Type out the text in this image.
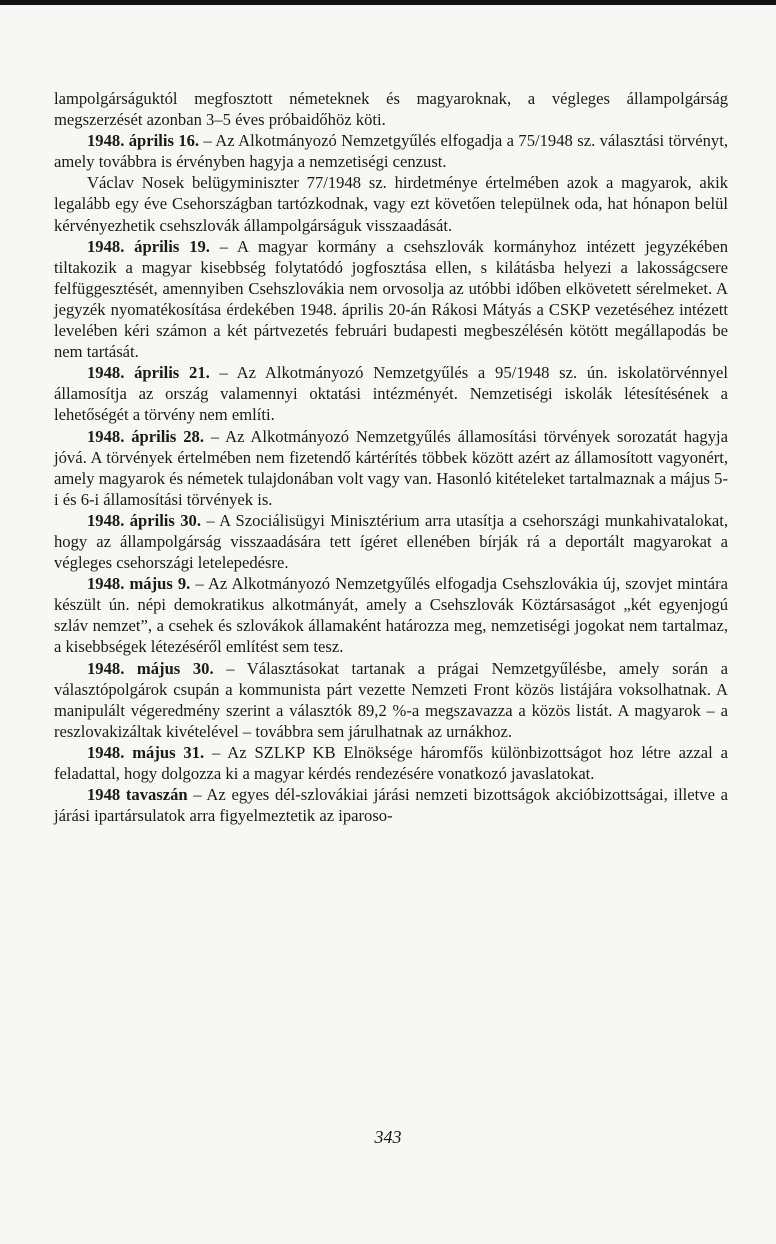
lampolgárságuktól megfosztott németeknek és magyaroknak, a végleges állampolgárság megszerzését azonban 3–5 éves próbaidőhöz köti.

1948. április 16. – Az Alkotmányozó Nemzetgyűlés elfogadja a 75/1948 sz. választási törvényt, amely továbbra is érvényben hagyja a nemzetiségi cenzust.

Václav Nosek belügyminiszter 77/1948 sz. hirdetménye értelmében azok a magyarok, akik legalább egy éve Csehországban tartózkodnak, vagy ezt követően települnek oda, hat hónapon belül kérvényezhetik csehszlovák állampolgárságuk visszaadását.

1948. április 19. – A magyar kormány a csehszlovák kormányhoz intézett jegyzékében tiltakozik a magyar kisebbség folytatódó jogfosztása ellen, s kilátásba helyezi a lakosságcsere felfüggesztését, amennyiben Csehszlovákia nem orvosolja az utóbbi időben elkövetett sérelmeket. A jegyzék nyomatékosítása érdekében 1948. április 20-án Rákosi Mátyás a CSKP vezetéséhez intézett levelében kéri számon a két pártvezetés februári budapesti megbeszélésén kötött megállapodás be nem tartását.

1948. április 21. – Az Alkotmányozó Nemzetgyűlés a 95/1948 sz. ún. iskolatörvénnyel államosítja az ország valamennyi oktatási intézményét. Nemzetiségi iskolák létesítésének a lehetőségét a törvény nem említi.

1948. április 28. – Az Alkotmányozó Nemzetgyűlés államosítási törvények sorozatát hagyja jóvá. A törvények értelmében nem fizetendő kártérítés többek között azért az államosított vagyonért, amely magyarok és németek tulajdonában volt vagy van. Hasonló kitételeket tartalmaznak a május 5-i és 6-i államosítási törvények is.

1948. április 30. – A Szociálisügyi Minisztérium arra utasítja a csehországi munkahivatalokat, hogy az állampolgárság visszaadására tett ígéret ellenében bírják rá a deportált magyarokat a végleges csehországi letelepedésre.

1948. május 9. – Az Alkotmányozó Nemzetgyűlés elfogadja Csehszlovákia új, szovjet mintára készült ún. népi demokratikus alkotmányát, amely a Csehszlovák Köztársaságot „két egyenjogú szláv nemzet”, a csehek és szlovákok államaként határozza meg, nemzetiségi jogokat nem tartalmaz, a kisebbségek létezéséről említést sem tesz.

1948. május 30. – Választásokat tartanak a prágai Nemzetgyűlésbe, amely során a választópolgárok csupán a kommunista párt vezette Nemzeti Front közös listájára voksolhatnak. A manipulált végeredmény szerint a választók 89,2 %-a megszavazza a közös listát. A magyarok – a reszlovakizáltak kivételével – továbbra sem járulhatnak az urnákhoz.

1948. május 31. – Az SZLKP KB Elnöksége háromfős különbizottságot hoz létre azzal a feladattal, hogy dolgozza ki a magyar kérdés rendezésére vonatkozó javaslatokat.

1948 tavaszán – Az egyes dél-szlovákiai járási nemzeti bizottságok akcióbizottságai, illetve a járási ipartársulatok arra figyelmeztetik az iparoso-

343
